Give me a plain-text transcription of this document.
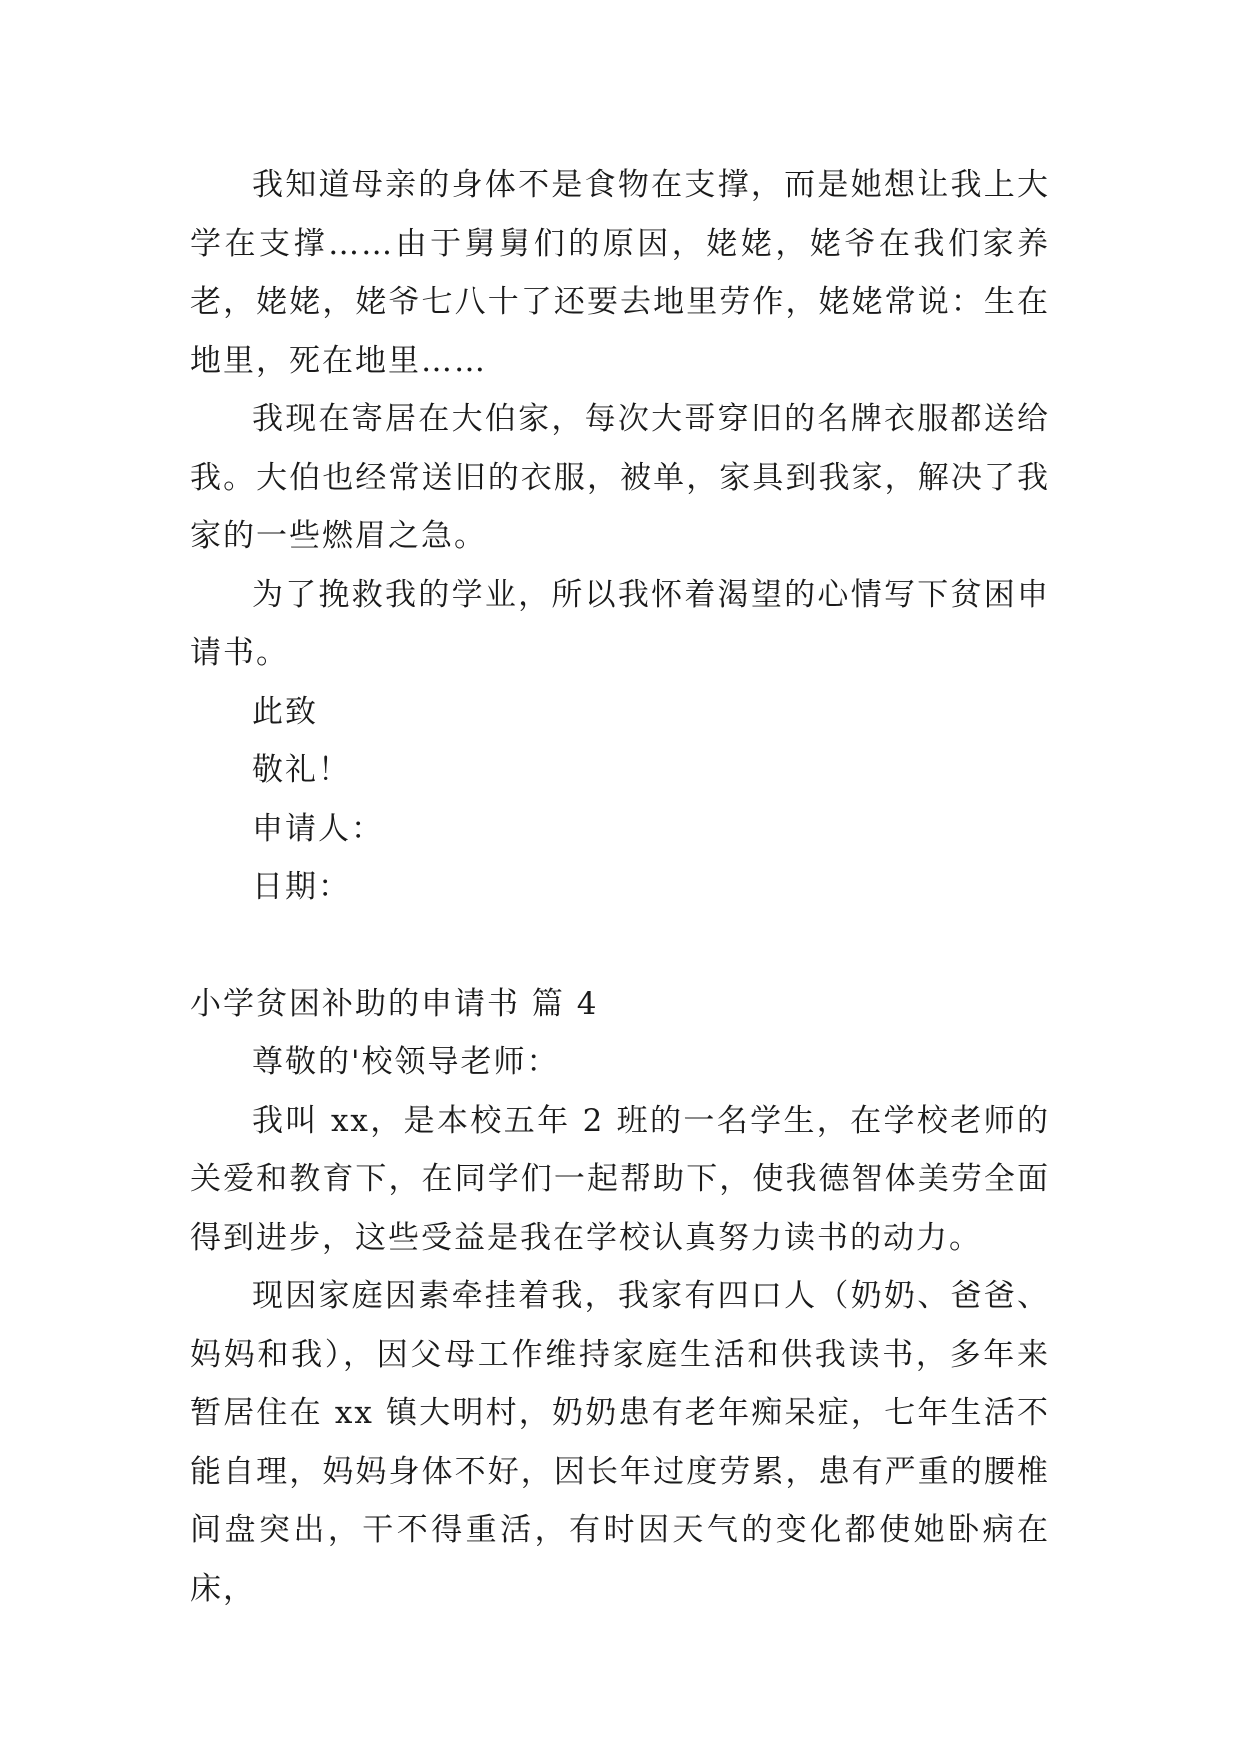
我知道母亲的身体不是食物在支撑，而是她想让我上大学在支撑……由于舅舅们的原因，姥姥，姥爷在我们家养老，姥姥，姥爷七八十了还要去地里劳作，姥姥常说：生在地里，死在地里……

我现在寄居在大伯家，每次大哥穿旧的名牌衣服都送给我。大伯也经常送旧的衣服，被单，家具到我家，解决了我家的一些燃眉之急。

为了挽救我的学业，所以我怀着渴望的心情写下贫困申请书。

此致

敬礼！

申请人：

日期：

小学贫困补助的申请书 篇 4

尊敬的'校领导老师：

我叫 xx，是本校五年 2 班的一名学生，在学校老师的关爱和教育下，在同学们一起帮助下，使我德智体美劳全面得到进步，这些受益是我在学校认真努力读书的动力。

现因家庭因素牵挂着我，我家有四口人（奶奶、爸爸、妈妈和我），因父母工作维持家庭生活和供我读书，多年来暂居住在 xx 镇大明村，奶奶患有老年痴呆症，七年生活不能自理，妈妈身体不好，因长年过度劳累，患有严重的腰椎间盘突出，干不得重活，有时因天气的变化都使她卧病在床，
